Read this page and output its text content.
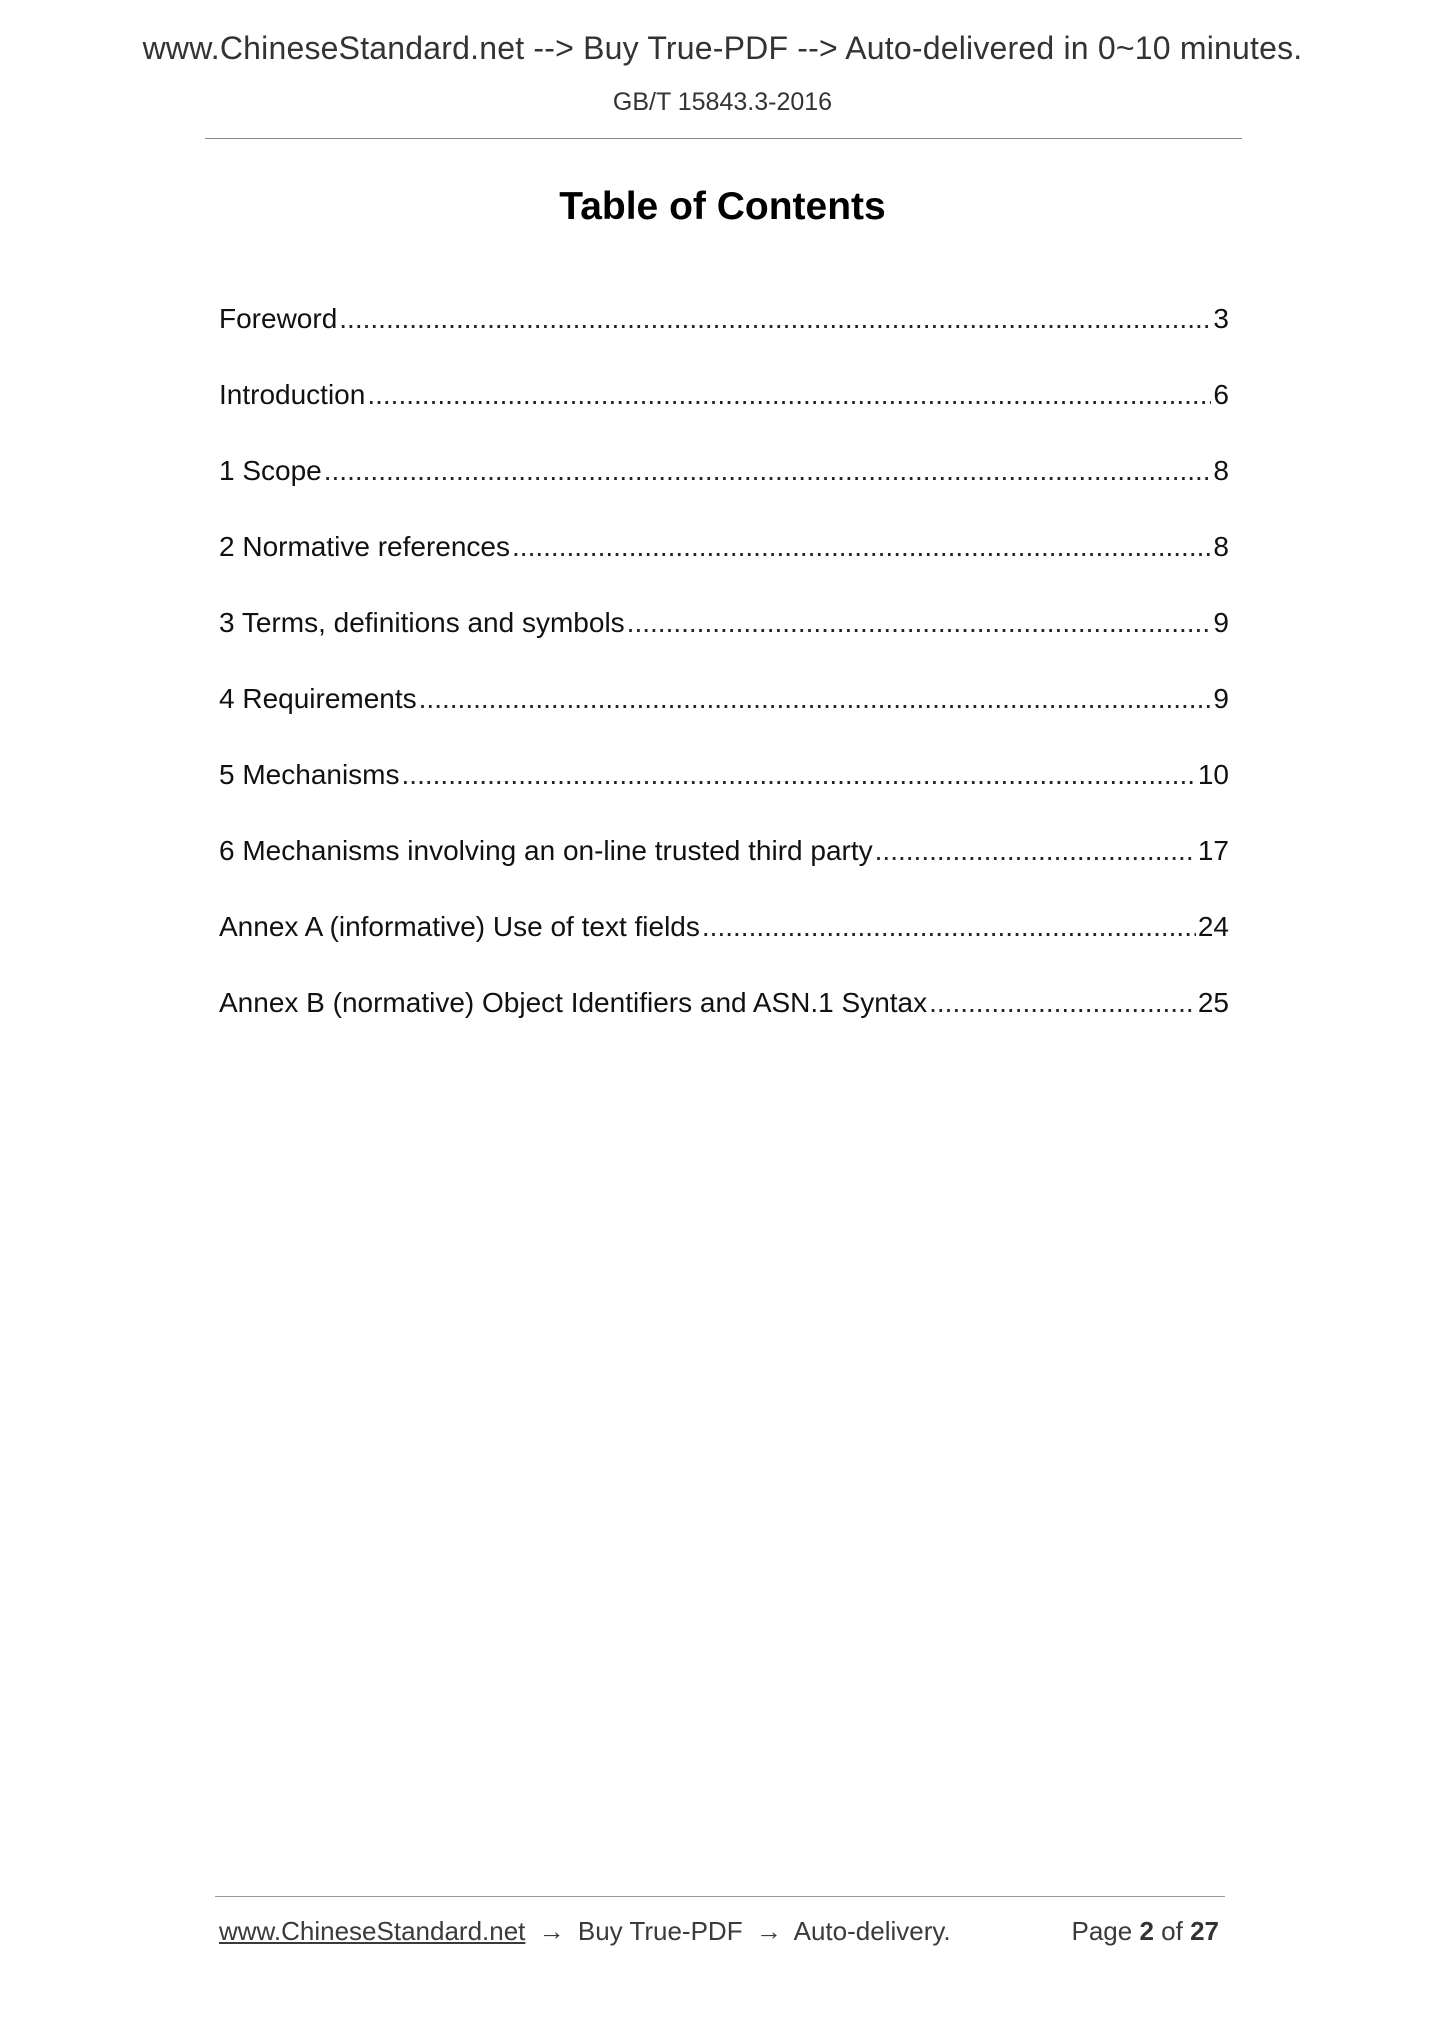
www.ChineseStandard.net --> Buy True-PDF --> Auto-delivered in 0~10 minutes.
GB/T 15843.3-2016
Table of Contents
Foreword .....	3
Introduction .....	6
1 Scope .....	8
2 Normative references .....	8
3 Terms, definitions and symbols .....	9
4 Requirements .....	9
5 Mechanisms .....	10
6 Mechanisms involving an on-line trusted third party .....	17
Annex A (informative) Use of text fields .....	24
Annex B (normative) Object Identifiers and ASN.1 Syntax .....	25
www.ChineseStandard.net → Buy True-PDF → Auto-delivery.	Page 2 of 27
